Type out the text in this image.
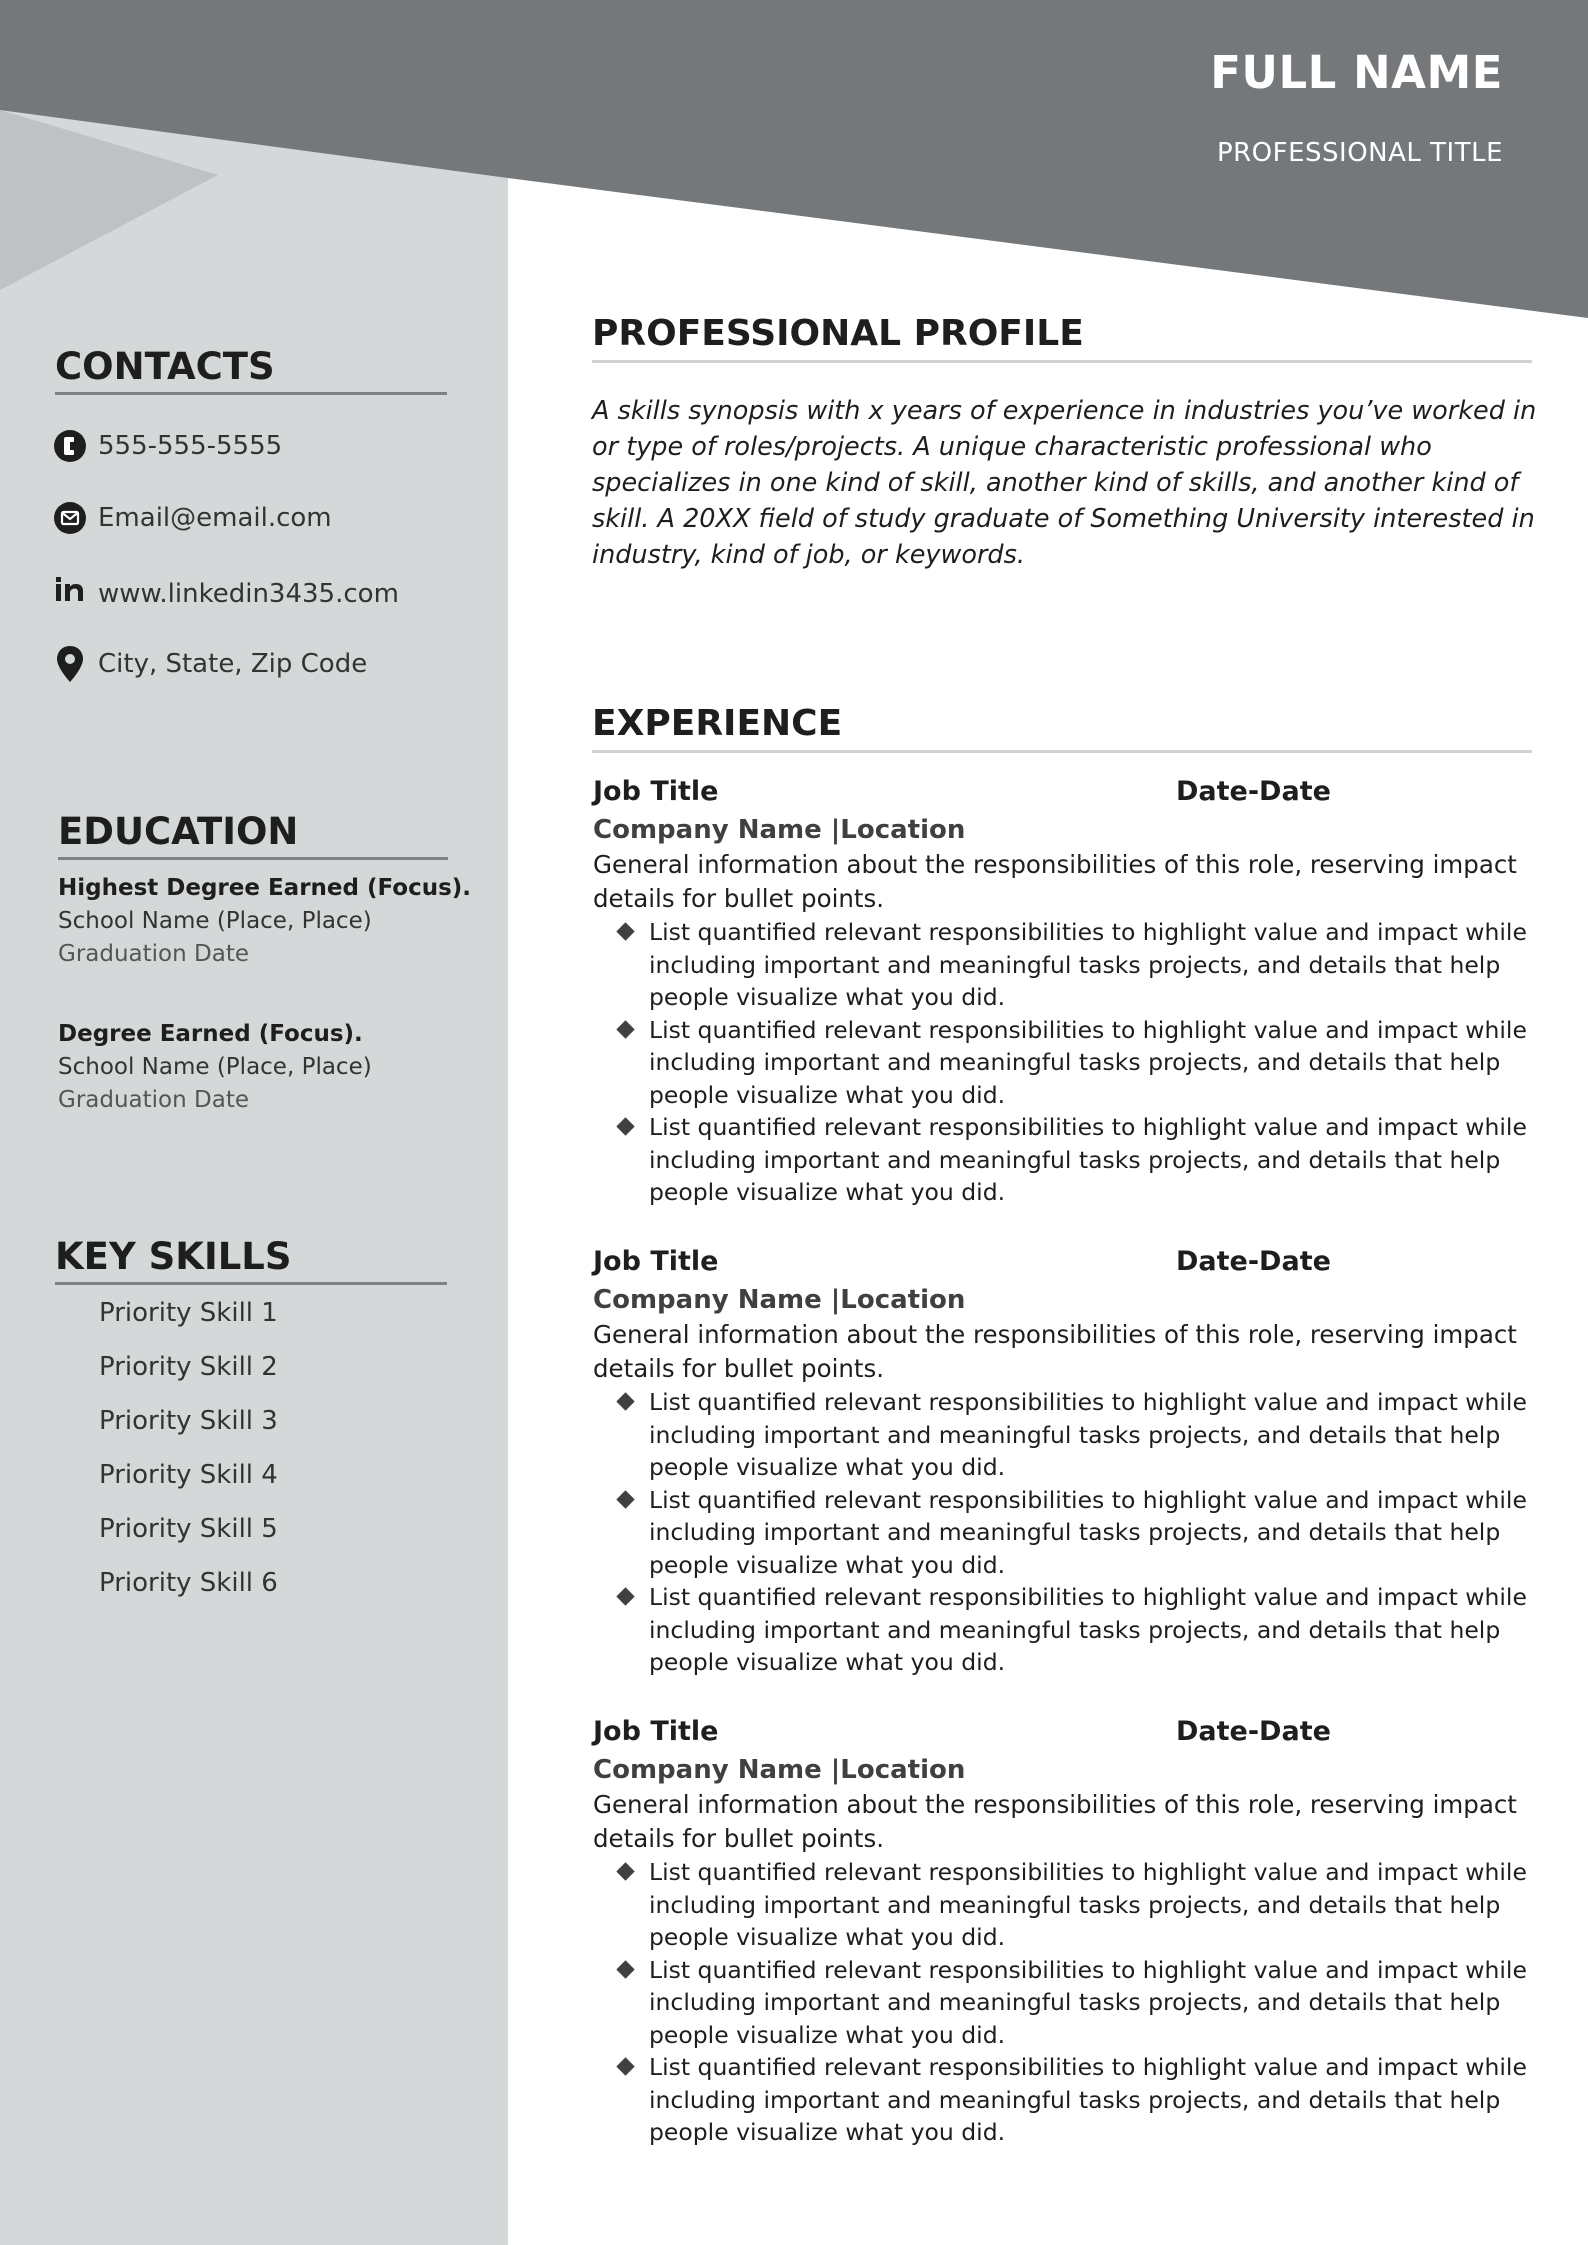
FULL NAME
PROFESSIONAL TITLE
CONTACTS
555-555-5555
Email@email.com
www.linkedin3435.com
City, State, Zip Code
EDUCATION
Highest Degree Earned (Focus).
School Name (Place, Place)
Graduation Date
Degree Earned (Focus).
School Name (Place, Place)
Graduation Date
KEY SKILLS
Priority Skill 1
Priority Skill 2
Priority Skill 3
Priority Skill 4
Priority Skill 5
Priority Skill 6
PROFESSIONAL PROFILE
A skills synopsis with x years of experience in industries you’ve worked in or type of roles/projects. A unique characteristic professional who specializes in one kind of skill, another kind of skills, and another kind of skill. A 20XX field of study graduate of Something University interested in industry, kind of job, or keywords.
EXPERIENCE
Job Title	Date-Date
Company Name |Location
General information about the responsibilities of this role, reserving impact details for bullet points.
List quantified relevant responsibilities to highlight value and impact while including important and meaningful tasks projects, and details that help people visualize what you did.
List quantified relevant responsibilities to highlight value and impact while including important and meaningful tasks projects, and details that help people visualize what you did.
List quantified relevant responsibilities to highlight value and impact while including important and meaningful tasks projects, and details that help people visualize what you did.
Job Title	Date-Date
Company Name |Location
General information about the responsibilities of this role, reserving impact details for bullet points.
List quantified relevant responsibilities to highlight value and impact while including important and meaningful tasks projects, and details that help people visualize what you did.
List quantified relevant responsibilities to highlight value and impact while including important and meaningful tasks projects, and details that help people visualize what you did.
List quantified relevant responsibilities to highlight value and impact while including important and meaningful tasks projects, and details that help people visualize what you did.
Job Title	Date-Date
Company Name |Location
General information about the responsibilities of this role, reserving impact details for bullet points.
List quantified relevant responsibilities to highlight value and impact while including important and meaningful tasks projects, and details that help people visualize what you did.
List quantified relevant responsibilities to highlight value and impact while including important and meaningful tasks projects, and details that help people visualize what you did.
List quantified relevant responsibilities to highlight value and impact while including important and meaningful tasks projects, and details that help people visualize what you did.
